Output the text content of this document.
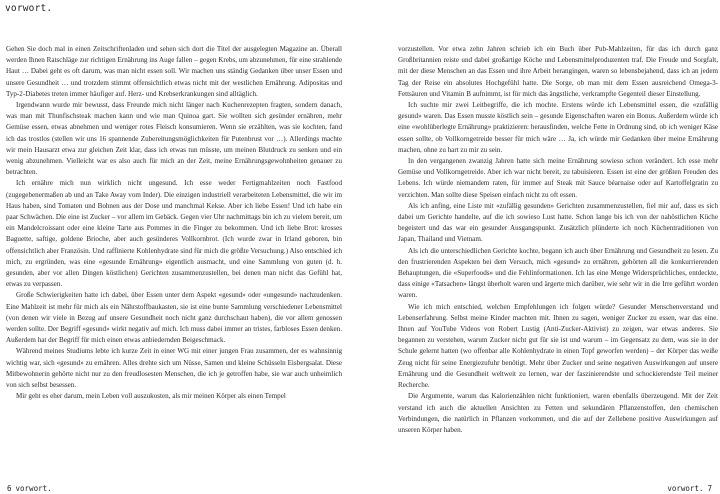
vorwort.

Gehen Sie doch mal in einen Zeitschriftenladen und sehen sich dort die Titel der ausgelegten Magazine an. Überall werden Ihnen Ratschläge zur richtigen Ernährung ins Auge fallen – gegen Krebs, um abzunehmen, für eine strahlende Haut … Dabei geht es oft darum, was man nicht essen soll. Wir machen uns ständig Gedanken über unser Essen und unsere Gesundheit … und trotzdem stimmt offensichtlich etwas nicht mit der westlichen Ernährung. Adipositas und Typ-2-Diabetes treten immer häufiger auf. Herz- und Krebserkrankungen sind alltäglich.

Irgendwann wurde mir bewusst, dass Freunde mich nicht länger nach Kuchenrezepten fragten, sondern danach, was man mit Thunfischsteak machen kann und wie man Quinoa gart. Sie wollten sich gesünder ernähren, mehr Gemüse essen, etwas abnehmen und weniger rotes Fleisch konsumieren. Wenn sie erzählten, was sie kochten, fand ich das trostlos (stellen wir uns 16 spannende Zubereitungsmöglichkeiten für Putenbrust vor …). Allerdings machte wir mein Hausarzt etwa zur gleichen Zeit klar, dass ich etwas tun müsste, um meinen Blutdruck zu senken und ein wenig abzunehmen. Vielleicht war es also auch für mich an der Zeit, meine Ernährungsgewohnheiten genauer zu betrachten.

Ich ernähre mich nun wirklich nicht ungesund. Ich esse weder Fertigmahlzeiten noch Fastfood (zugegebenermaßen ab und an Take Away vom Inder). Die einzigen industriell verarbeiteten Lebensmittel, die wir im Haus haben, sind Tomaten und Bohnen aus der Dose und manchmal Kekse. Aber ich liebe Essen! Und ich habe ein paar Schwächen. Die eine ist Zucker – vor allem im Gebäck. Gegen vier Uhr nachmittags bin ich zu vielem bereit, um ein Mandelcroissant oder eine kleine Tarte aus Pommes in die Finger zu bekommen. Und ich liebe Brot: krosses Baguette, saftige, goldene Brioche, aber auch gesünderes Vollkornbrot. (Ich wurde zwar in Irland geboren, bin offensichtlich aber Französin. Und raffinierte Kohlenhydrate sind für mich die größte Versuchung.) Also entschied ich mich, zu ergründen, was eine «gesunde Ernährung» eigentlich ausmacht, und eine Sammlung von guten (d. h. gesunden, aber vor allen Dingen köstlichen) Gerichten zusammenzustellen, bei denen man nicht das Gefühl hat, etwas zu verpassen.

Große Schwierigkeiten hatte ich dabei, über Essen unter dem Aspekt «gesund» oder «ungesund» nachzudenken. Eine Mahlzeit ist mehr für mich als ein Nährstoffbaukasten, sie ist eine bunte Sammlung verschiedener Lebensmittel (von denen wir viele in Bezug auf unsere Gesundheit noch nicht ganz durchschaut haben), die vor allem genossen werden sollte. Der Begriff «gesund» wirkt negativ auf mich. Ich muss dabei immer an tristes, farbloses Essen denken. Außerdem hat der Begriff für mich einen etwas anbiedernden Beigeschmack.

Während meines Studiums lebte ich kurze Zeit in einer WG mit einer jungen Frau zusammen, der es wahnsinnig wichtig war, sich «gesund» zu ernähren. Alles drehte sich um Nüsse, Samen und kleine Schüsseln Eisbergsalat. Diese Mitbewohnerin gehörte nicht nur zu den freudlosesten Menschen, die ich je getroffen habe, sie war auch unheimlich von sich selbst besessen.

Mir geht es eher darum, mein Leben voll auszukosten, als mir meinen Körper als einen Tempel

6 vorwort.

vorzustellen. Vor etwa zehn Jahren schrieb ich ein Buch über Pub-Mahlzeiten, für das ich durch ganz Großbritannien reiste und dabei großartige Köche und Lebensmittelproduzenten traf. Die Freude und Sorgfalt, mit der diese Menschen an das Essen und ihre Arbeit herangingen, waren so lebensbejahend, dass ich an jedem Tag der Reise ein absolutes Hochgefühl hatte. Die Sorge, ob man mit dem Essen ausreichend Omega-3-Fettsäuren und Vitamin B aufnimmt, ist für mich das ängstliche, verkrampfte Gegenteil dieser Einstellung.

Ich suchte mir zwei Leitbegriffe, die ich mochte. Erstens würde ich Lebensmittel essen, die «zufällig gesund» waren. Das Essen musste köstlich sein – gesunde Eigenschaften waren ein Bonus. Außerdem würde ich eine «wohlüberlegte Ernährung» praktizieren: herausfinden, welche Fette in Ordnung sind, ob ich weniger Käse essen sollte, ob Vollkorngetreide besser für mich wäre … Ja, ich würde mir Gedanken über meine Ernährung machen, ohne zu hart zu mir zu sein.

In den vergangenen zwanzig Jahren hatte sich meine Ernährung sowieso schon verändert. Ich esse mehr Gemüse und Vollkorngetreide. Aber ich war nicht bereit, zu tabuisieren. Essen ist eine der größten Freuden des Lebens. Ich würde niemandem raten, für immer auf Steak mit Sauce béarnaise oder auf Kartoffelgratin zu verzichten. Man sollte diese Speisen einfach nicht zu oft essen.

Als ich anfing, eine Liste mit «zufällig gesunden» Gerichten zusammenzustellen, fiel mir auf, dass es sich dabei um Gerichte handelte, auf die ich sowieso Lust hatte. Schon lange bis ich von der nahöstlichen Küche begeistert und das war ein gesunder Ausgangspunkt. Zusätzlich plünderte ich noch Küchentraditionen von Japan, Thailand und Vietnam.

Als ich die unterschiedlichen Gerichte kochte, begann ich auch über Ernährung und Gesundheit zu lesen. Zu den frustrierenden Aspekten bei dem Versuch, mich «gesund» zu ernähren, gehörten all die konkurrierenden Behauptungen, die «Superfoods» und die Fehlinformationen. Ich las eine Menge Widersprüchliches, entdeckte, dass einige «Tatsachen» längst überholt waren und ärgerte mich darüber, wie sehr wir in die Irre geführt worden waren.

Wie ich mich entschied, welchen Empfehlungen ich folgen würde? Gesunder Menschenverstand und Lebenserfahrung. Selbst meine Kinder machten mit. Ihnen zu sagen, weniger Zucker zu essen, war das eine. Ihnen auf YouTube Videos von Robert Lustig (Anti-Zucker-Aktivist) zu zeigen, war etwas anderes. Sie begannen zu verstehen, warum Zucker nicht gut für sie ist und warum – im Gegensatz zu dem, was sie in der Schule gelernt hatten (wo offenbar alle Kohlenhydrate in einen Topf geworfen werden) – der Körper das weiße Zeug nicht für seine Energiezufuhr benötigt. Mehr über Zucker und seine negativen Auswirkungen auf unsere Ernährung und die Gesundheit weltweit zu lernen, war der faszinierendste und schockierendste Teil meiner Recherche.

Die Argumente, warum das Kalorienzählen nicht funktioniert, waren ebenfalls überzeugend. Mit der Zeit verstand ich auch die aktuellen Ansichten zu Fetten und sekundären Pflanzenstoffen, den chemischen Verbindungen, die natürlich in Pflanzen vorkommen, und die auf der Zellebene positive Auswirkungen auf unseren Körper haben.

vorwort. 7
